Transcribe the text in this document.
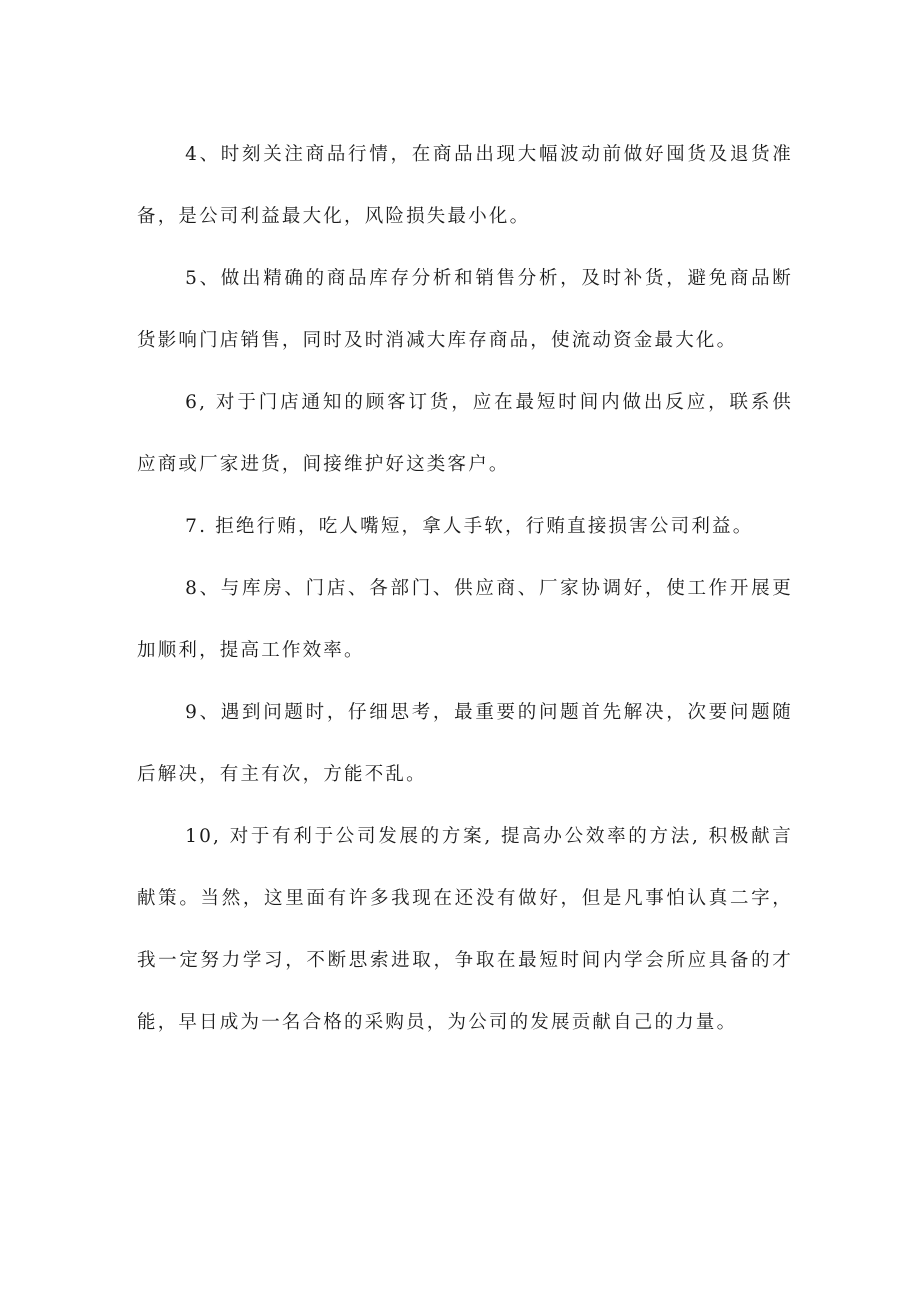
4、时刻关注商品行情，在商品出现大幅波动前做好囤货及退货准备，是公司利益最大化，风险损失最小化。

5、做出精确的商品库存分析和销售分析，及时补货，避免商品断货影响门店销售，同时及时消减大库存商品，使流动资金最大化。

6, 对于门店通知的顾客订货，应在最短时间内做出反应，联系供应商或厂家进货，间接维护好这类客户。

7. 拒绝行贿，吃人嘴短，拿人手软，行贿直接损害公司利益。

8、与库房、门店、各部门、供应商、厂家协调好，使工作开展更加顺利，提高工作效率。

9、遇到问题时，仔细思考，最重要的问题首先解决，次要问题随后解决，有主有次，方能不乱。

10, 对于有利于公司发展的方案, 提高办公效率的方法, 积极献言献策。当然，这里面有许多我现在还没有做好，但是凡事怕认真二字，我一定努力学习，不断思索进取，争取在最短时间内学会所应具备的才能，早日成为一名合格的采购员，为公司的发展贡献自己的力量。
